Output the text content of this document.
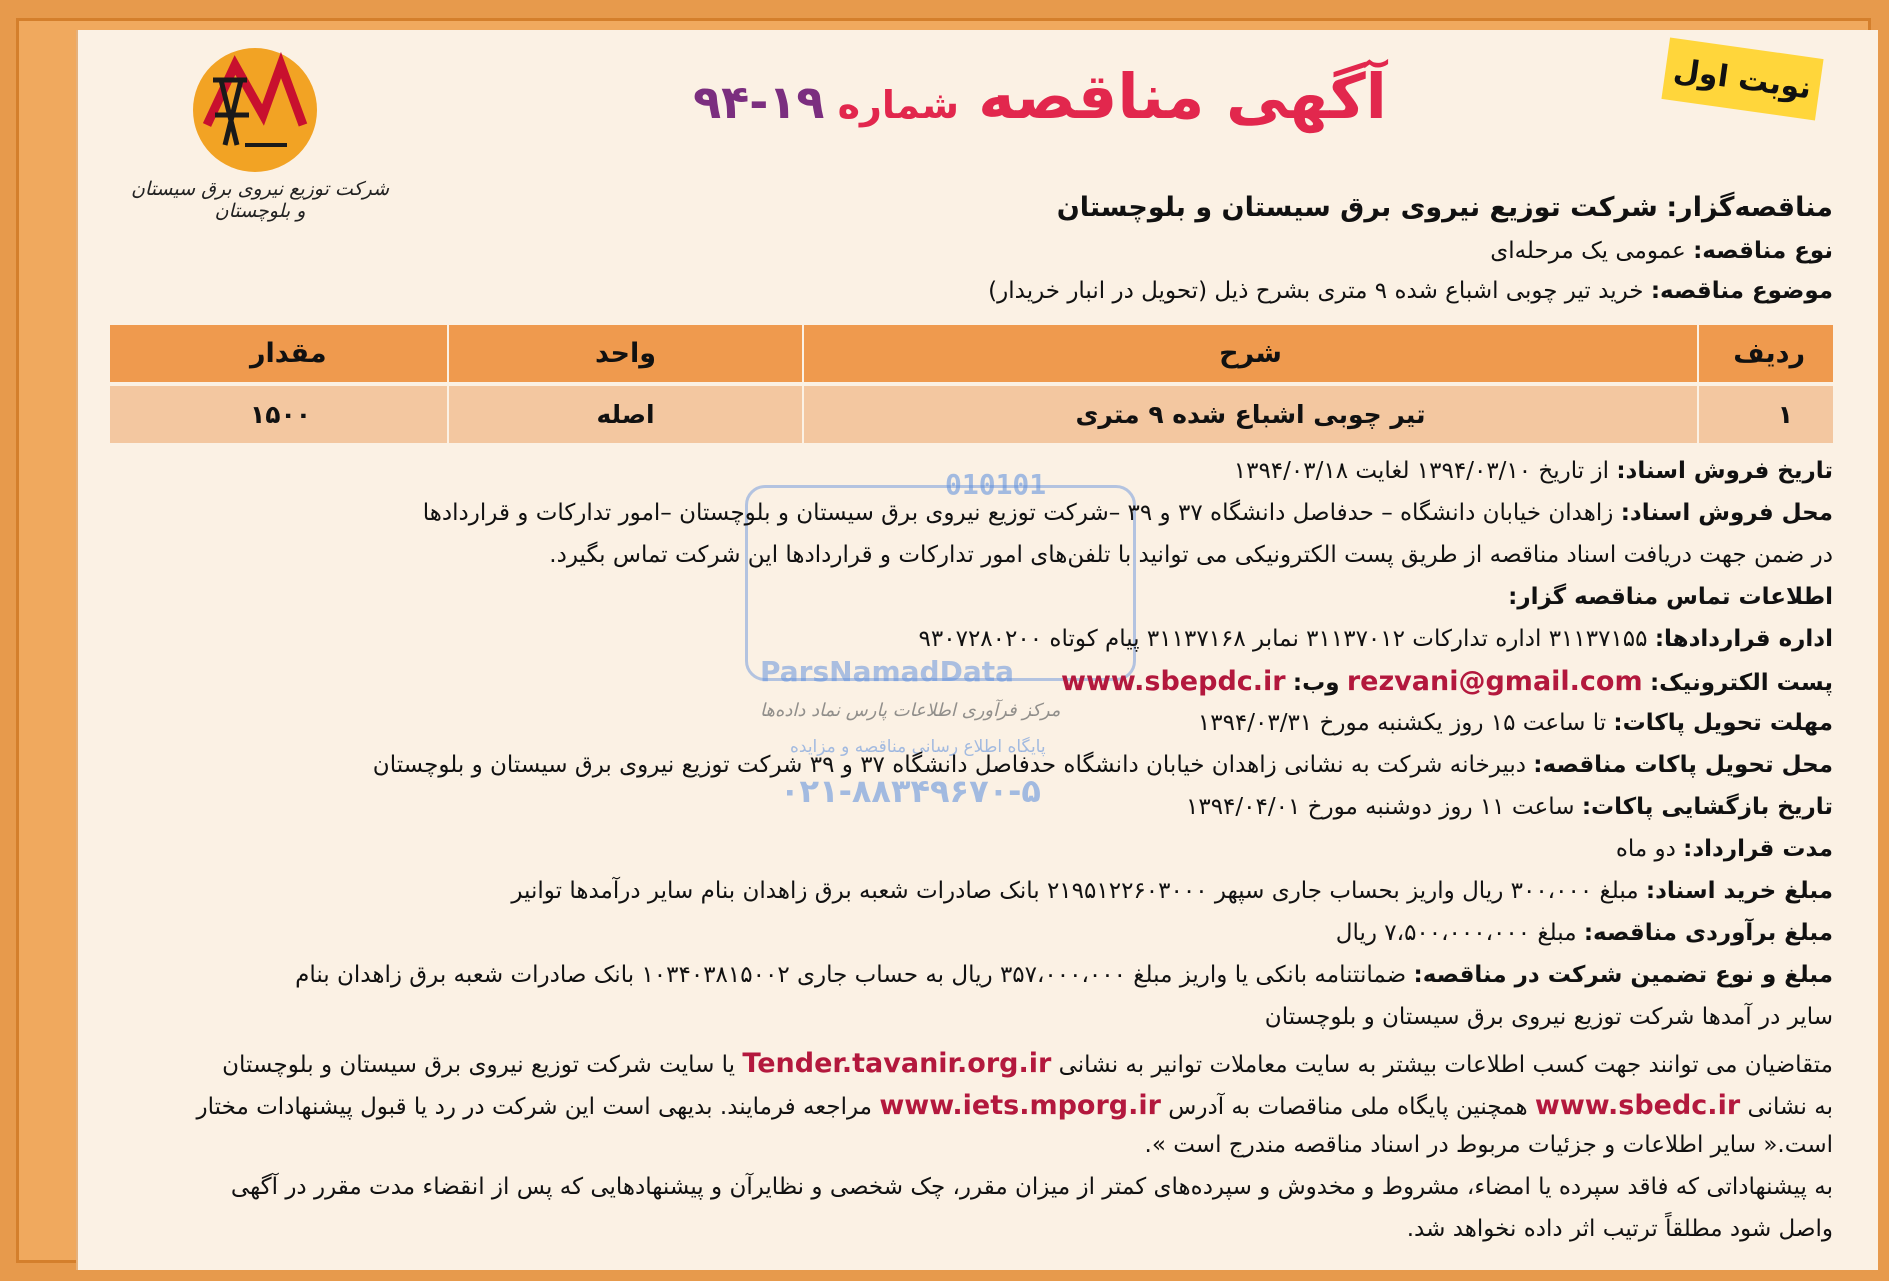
شرکت توزیع نیروی برق سیستان و بلوچستان
آگهی مناقصه شماره ۱۹-۹۴	نوبت اول
مناقصه‌گزار: شرکت توزیع نیروی برق سیستان و بلوچستان
نوع مناقصه: عمومی یک مرحله‌ای
موضوع مناقصه: خرید تیر چوبی اشباع شده ۹ متری بشرح ذیل (تحویل در انبار خریدار)
ردیف	شرح	واحد	مقدار
۱	تیر چوبی اشباع شده ۹ متری	اصله	۱۵۰۰
010101	تاریخ فروش اسناد: از تاریخ ۱۳۹۴/۰۳/۱۰ لغایت ۱۳۹۴/۰۳/۱۸
محل فروش اسناد: زاهدان خیابان دانشگاه – حدفاصل دانشگاه ۳۷ و ۳۹ –شرکت توزیع نیروی برق سیستان و بلوچستان –امور تدارکات و قراردادها
در ضمن جهت دریافت اسناد مناقصه از طریق پست الکترونیکی می توانید با تلفن‌های امور تدارکات و قراردادها این شرکت تماس بگیرد.
اطلاعات تماس مناقصه گزار:
اداره قراردادها: ۳۱۱۳۷۱۵۵ اداره تدارکات ۳۱۱۳۷۰۱۲ نمابر ۳۱۱۳۷۱۶۸ پیام کوتاه ۹۳۰۷۲۸۰۲۰۰
پست الکترونیک: rezvani@gmail.com وب: www.sbepdc.ir
ParsNamadData
مرکز فرآوری اطلاعات پارس نماد داده‌ها	مهلت تحویل پاکات: تا ساعت ۱۵ روز یکشنبه مورخ ۱۳۹۴/۰۳/۳۱
پایگاه اطلاع رسانی مناقصه و مزایده
محل تحویل پاکات مناقصه: دبیرخانه شرکت به نشانی زاهدان خیابان دانشگاه حدفاصل دانشگاه ۳۷ و ۳۹ شرکت توزیع نیروی برق سیستان و بلوچستان
۰۲۱-۸۸۳۴۹۶۷۰-۵	تاریخ بازگشایی پاکات: ساعت ۱۱ روز دوشنبه مورخ ۱۳۹۴/۰۴/۰۱
مدت قرارداد: دو ماه
مبلغ خرید اسناد: مبلغ ۳۰۰،۰۰۰ ریال واریز بحساب جاری سپهر ۲۱۹۵۱۲۲۶۰۳۰۰۰ بانک صادرات شعبه برق زاهدان بنام سایر درآمدها توانیر
مبلغ برآوردی مناقصه: مبلغ ۷،۵۰۰،۰۰۰،۰۰۰ ریال
مبلغ و نوع تضمین شرکت در مناقصه: ضمانتنامه بانکی یا واریز مبلغ ۳۵۷،۰۰۰،۰۰۰ ریال به حساب جاری ۱۰۳۴۰۳۸۱۵۰۰۲ بانک صادرات شعبه برق زاهدان بنام
سایر در آمدها شرکت توزیع نیروی برق سیستان و بلوچستان
متقاضیان می توانند جهت کسب اطلاعات بیشتر به سایت معاملات توانیر به نشانی Tender.tavanir.org.ir یا سایت شرکت توزیع نیروی برق سیستان و بلوچستان
به نشانی www.sbedc.ir همچنین پایگاه ملی مناقصات به آدرس www.iets.mporg.ir مراجعه فرمایند. بدیهی است این شرکت در رد یا قبول پیشنهادات مختار
است.« سایر اطلاعات و جزئیات مربوط در اسناد مناقصه مندرج است ».
به پیشنهاداتی که فاقد سپرده یا امضاء، مشروط و مخدوش و سپرده‌های کمتر از میزان مقرر، چک شخصی و نظایرآن و پیشنهادهایی که پس از انقضاء مدت مقرر در آگهی
واصل شود مطلقاً ترتیب اثر داده نخواهد شد.
